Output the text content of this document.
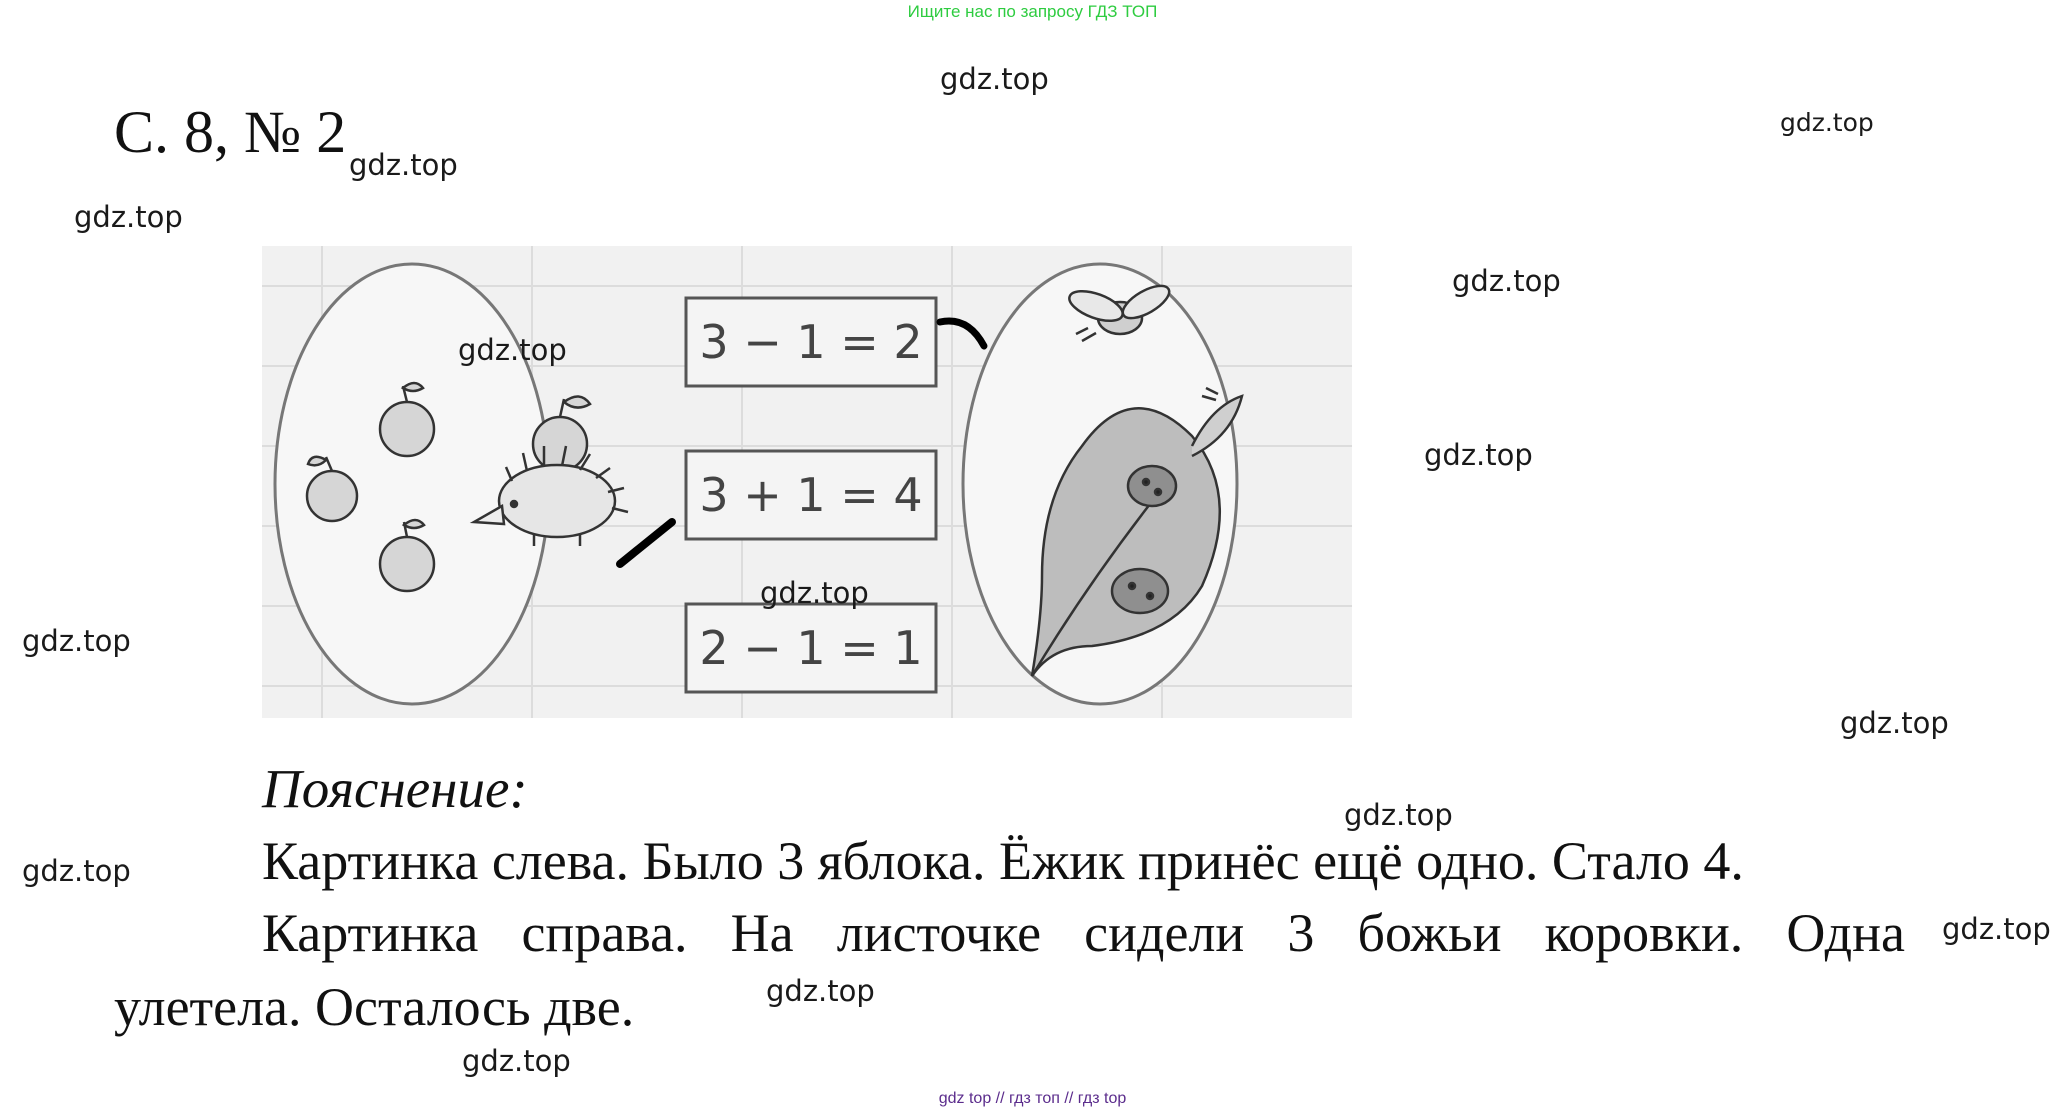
Ищите нас по запросу ГДЗ ТОП
gdz.top
gdz.top
gdz.top
gdz.top
gdz.top
gdz.top
gdz.top
gdz.top
gdz.top
gdz.top
gdz.top
gdz.top
gdz.top
gdz.top
gdz.top
С. 8, № 2
3 − 1 = 2
3 + 1 = 4
2 − 1 = 1
Пояснение:
Картинка слева. Было 3 яблока. Ёжик принёс ещё одно. Стало 4.
Картинка справа. На листочке сидели 3 божьи коровки. Одна
улетела. Осталось две.
gdz top // гдз топ // гдз top
